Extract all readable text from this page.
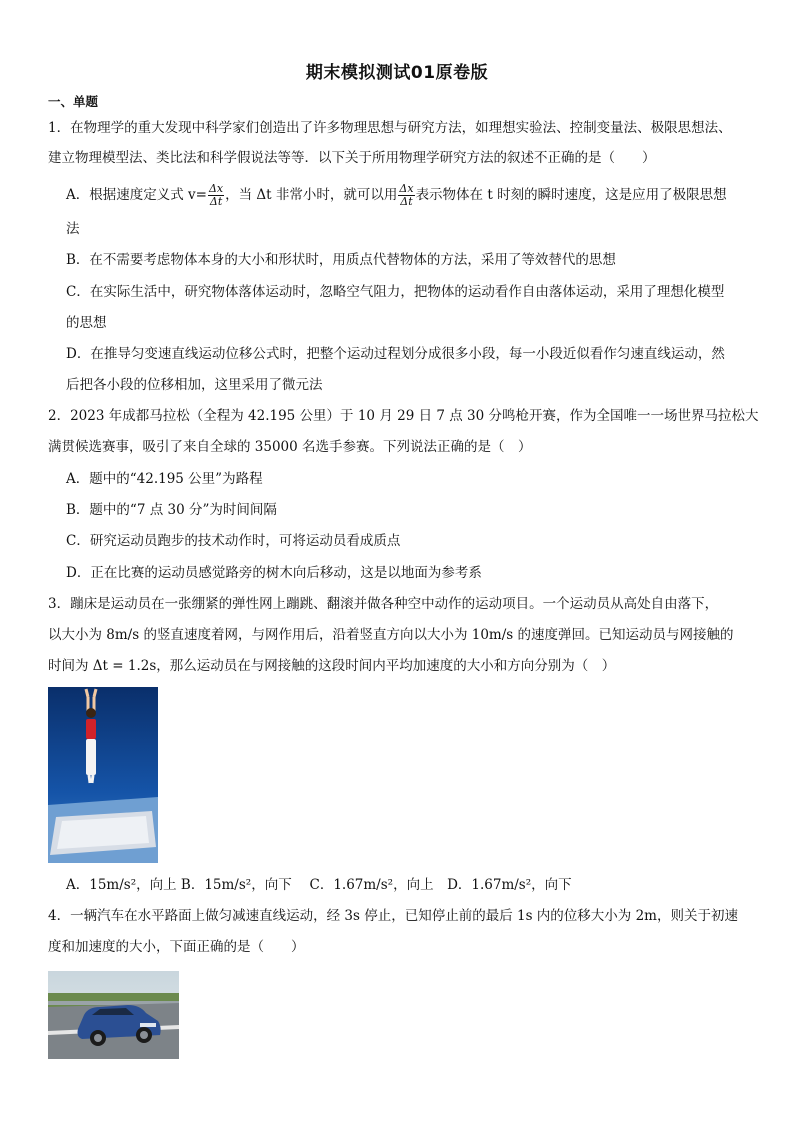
期末模拟测试01原卷版
一、单题
1．在物理学的重大发现中科学家们创造出了许多物理思想与研究方法，如理想实验法、控制变量法、极限思想法、
建立物理模型法、类比法和科学假说法等等．以下关于所用物理学研究方法的叙述不正确的是（　　）
A．根据速度定义式 $v= \frac{\Delta x}{\Delta t}$ ，当 Δt 非常小时，就可以用 $\frac{\Delta x}{\Delta t}$ 表示物体在 t 时刻的瞬时速度，这是应用了极限思想
法
B．在不需要考虑物体本身的大小和形状时，用质点代替物体的方法，采用了等效替代的思想
C．在实际生活中，研究物体落体运动时，忽略空气阻力，把物体的运动看作自由落体运动，采用了理想化模型
的思想
D．在推导匀变速直线运动位移公式时，把整个运动过程划分成很多小段，每一小段近似看作匀速直线运动，然
后把各小段的位移相加，这里采用了微元法
2．2023 年成都马拉松（全程为 42.195 公里）于 10 月 29 日 7 点 30 分鸣枪开赛，作为全国唯一一场世界马拉松大
满贯候选赛事，吸引了来自全球的 35000 名选手参赛。下列说法正确的是（　）
A．题中的“42.195 公里”为路程
B．题中的“7 点 30 分”为时间间隔
C．研究运动员跑步的技术动作时，可将运动员看成质点
D．正在比赛的运动员感觉路旁的树木向后移动，这是以地面为参考系
3．蹦床是运动员在一张绷紧的弹性网上蹦跳、翻滚并做各种空中动作的运动项目。一个运动员从高处自由落下，
以大小为 8m/s 的竖直速度着网，与网作用后，沿着竖直方向以大小为 10m/s 的速度弹回。已知运动员与网接触的
时间为 Δt = 1.2s，那么运动员在与网接触的这段时间内平均加速度的大小和方向分别为（　）
A．15m/s²，向上 B．15m/s²，向下　 C．1.67m/s²，向上　D．1.67m/s²，向下
4．一辆汽车在水平路面上做匀减速直线运动，经 3s 停止，已知停止前的最后 1s 内的位移大小为 2m，则关于初速
度和加速度的大小，下面正确的是（　　）
